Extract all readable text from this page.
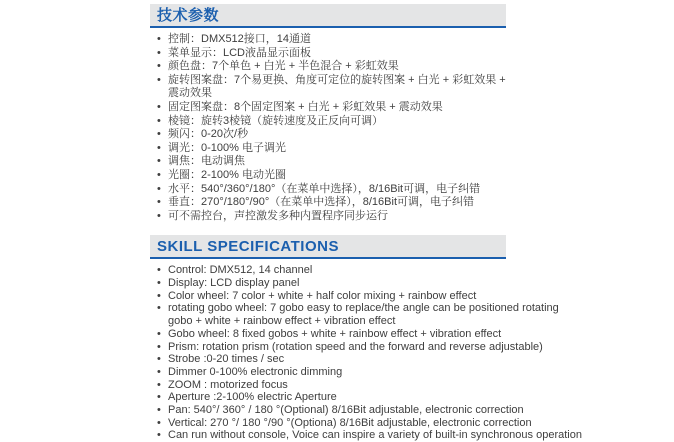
技术参数
• 控制：DMX512接口，14通道
• 菜单显示：LCD液晶显示面板
• 颜色盘：7个单色 + 白光 + 半色混合 + 彩虹效果
• 旋转图案盘：7个易更换、角度可定位的旋转图案 + 白光 + 彩虹效果 + 震动效果
• 固定图案盘：8个固定图案 + 白光 + 彩虹效果 + 震动效果
• 棱镜：旋转3棱镜（旋转速度及正反向可调）
• 频闪：0-20次/秒
• 调光：0-100% 电子调光
• 调焦：电动调焦
• 光圈：2-100% 电动光圈
• 水平：540°/360°/180°（在菜单中选择），8/16Bit可调，电子纠错
• 垂直：270°/180°/90°（在菜单中选择），8/16Bit可调，电子纠错
• 可不需控台，声控激发多种内置程序同步运行
SKILL SPECIFICATIONS
• Control: DMX512, 14 channel
• Display: LCD display panel
• Color wheel: 7 color + white + half color mixing + rainbow effect
• rotating gobo wheel: 7 gobo easy to replace/the angle can be positioned rotating gobo + white + rainbow effect + vibration effect
• Gobo wheel: 8 fixed gobos + white + rainbow effect + vibration effect
• Prism: rotation prism (rotation speed and the forward and reverse adjustable)
• Strobe :0-20 times / sec
• Dimmer 0-100% electronic dimming
• ZOOM : motorized focus
• Aperture :2-100% electric Aperture
• Pan: 540°/ 360° / 180 °(Optional) 8/16Bit adjustable, electronic correction
• Vertical: 270 °/ 180 °/90 °(Optiona) 8/16Bit adjustable, electronic correction
• Can run without console, Voice can inspire a variety of built-in synchronous operation
